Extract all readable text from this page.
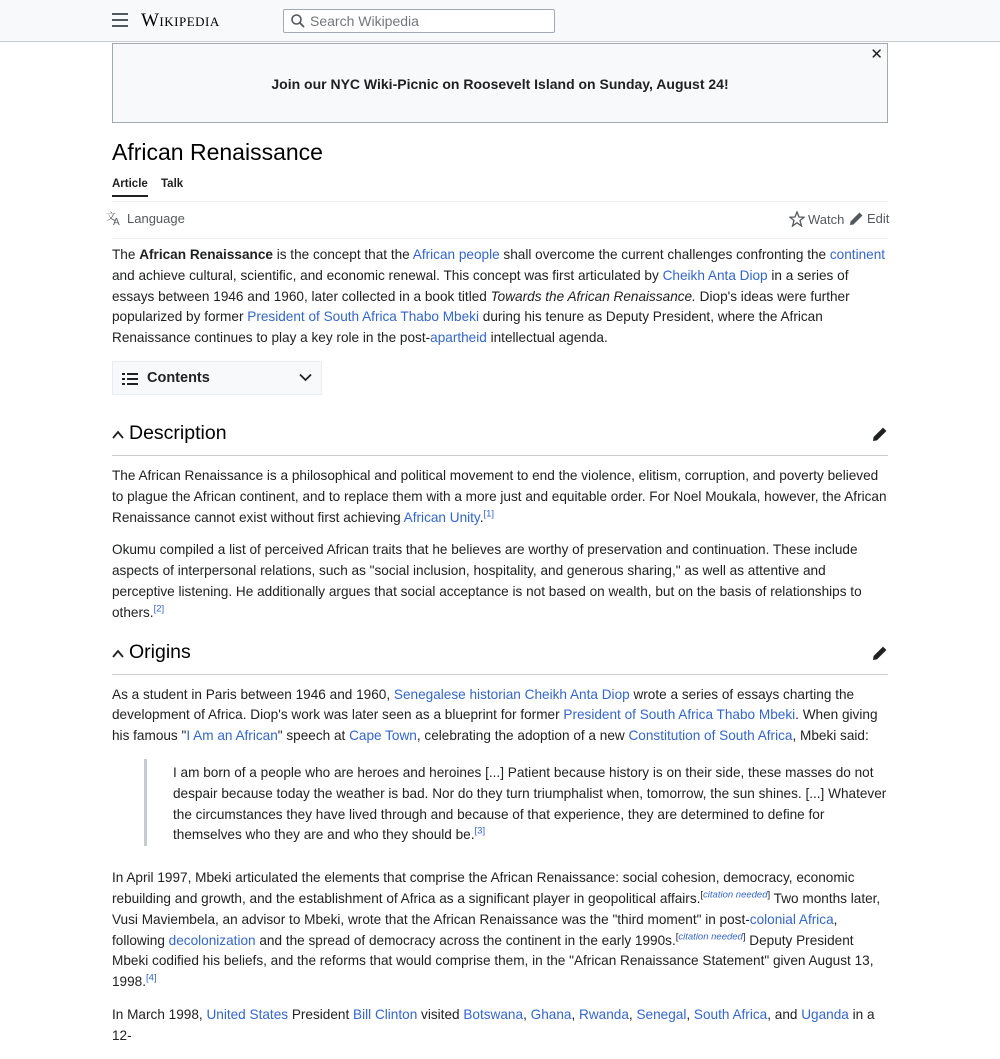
Wikipedia
Search Wikipedia
✕
Join our NYC Wiki-Picnic on Roosevelt Island on Sunday, August 24!
African Renaissance
Article Talk
文
A Language	Watch	Edit

The African Renaissance is the concept that the African people shall overcome the current challenges confronting the continent and achieve cultural, scientific, and economic renewal. This concept was first articulated by Cheikh Anta Diop in a series of essays between 1946 and 1960, later collected in a book titled Towards the African Renaissance. Diop's ideas were further popularized by former President of South Africa Thabo Mbeki during his tenure as Deputy President, where the African Renaissance continues to play a key role in the post-apartheid intellectual agenda.

Contents
Description

The African Renaissance is a philosophical and political movement to end the violence, elitism, corruption, and poverty believed to plague the African continent, and to replace them with a more just and equitable order. For Noel Moukala, however, the African Renaissance cannot exist without first achieving African Unity.[1]

Okumu compiled a list of perceived African traits that he believes are worthy of preservation and continuation. These include aspects of interpersonal relations, such as "social inclusion, hospitality, and generous sharing," as well as attentive and perceptive listening. He additionally argues that social acceptance is not based on wealth, but on the basis of relationships to others.[2]

Origins

As a student in Paris between 1946 and 1960, Senegalese historian Cheikh Anta Diop wrote a series of essays charting the development of Africa. Diop's work was later seen as a blueprint for former President of South Africa Thabo Mbeki. When giving his famous "I Am an African" speech at Cape Town, celebrating the adoption of a new Constitution of South Africa, Mbeki said:

I am born of a people who are heroes and heroines [...] Patient because history is on their side, these masses do not despair because today the weather is bad. Nor do they turn triumphalist when, tomorrow, the sun shines. [...] Whatever the circumstances they have lived through and because of that experience, they are determined to define for themselves who they are and who they should be.[3]

In April 1997, Mbeki articulated the elements that comprise the African Renaissance: social cohesion, democracy, economic rebuilding and growth, and the establishment of Africa as a significant player in geopolitical affairs.[citation needed] Two months later, Vusi Maviembela, an advisor to Mbeki, wrote that the African Renaissance was the "third moment" in post-colonial Africa, following decolonization and the spread of democracy across the continent in the early 1990s.[citation needed] Deputy President Mbeki codified his beliefs, and the reforms that would comprise them, in the "African Renaissance Statement" given August 13, 1998.[4]

In March 1998, United States President Bill Clinton visited Botswana, Ghana, Rwanda, Senegal, South Africa, and Uganda in a 12-
